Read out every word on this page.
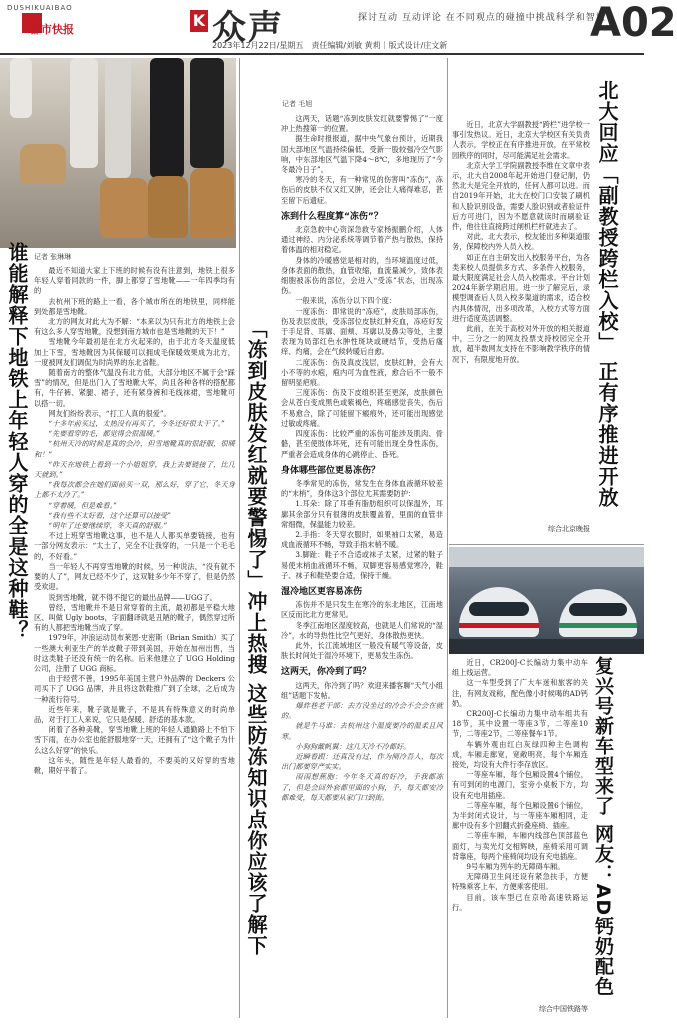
DUSHIKUAIBAO
都市快报	K 众声	探讨互动 互动评论 在不同观点的碰撞中挑战科学和智识
2023年12月22日/星期五　责任编辑/刘敏 黄莉｜版式设计/庄文新	A02
谁能解释下地铁上年轻人穿的全是这种鞋？ 记者 张琳琳

最近不知道大家上下班的时候有没有注意到，地铁上很多年轻人穿着同款的一件，脚上都穿了雪地靴——一年四季均有的

去杭州下班的路上一看，各个城市所在的地铁里，同样能到处都是雪地靴。

北方的网友对此大为不解：“本来以为只有北方的地铁上会有这么多人穿雪地靴，没想到南方城市也是雪地靴的天下！”

雪地靴今年最初是在北方火起来的，由于北方冬天温度低加上下雪，雪地靴因为其保暖可以拥成毛保暖效果成为北方，一度被网友们调侃为时尚界的东北省鞋。

随着南方的整体气温没有北方低，大部分地区不属于会“踩雪”的情况，但是出门入了雪地靴大军，尚且各种各样的搭配都有，牛仔裤、紧腿、裙子，还有紧身裤和毛线袜裙，雪地靴可以搭一切。

网友们纷纷表示，“打工人真的很爱”。

“十多年前买过，太热没有再买了，今冬还好很太干了。”

“先要看穿的毛，都觉得会很温暖。”

“杭州天冷的时候是真的会冷，但雪地靴真的很舒服，很暖和！”

“昨天在地铁上看到一个小姐姐穿，我上去要链接了，比几天就到。”

“我每次都会在她们面前买一双，那么好，穿了它，冬天身上都不太冷了。”

“穿着暖，但是难看。”

“我有些不太好看，这个还算可以接受”

“明年了还要继续穿，冬天真的舒服。”

不过上班穿雪地靴这事，也不是人人都买单要链接，也有一部分网友表示：“太土了，完全不让我穿的，一只是一个毛毛的，不好看。”

当一年轻人不再穿雪地靴的时候，另一种说法，“没有就不要的人了”，网友已经不少了，这双鞋多少年不穿了，但是仍然受欢迎。

说到雪地靴，就不得不提它的最出品牌——UGG了。

曾经，雪地靴并不是日常穿着的主流，最初都是平稳大地区、叫做 Ugly boots，字面翻译就是丑陋的靴子，偶然穿过所有的人都把雪地靴当成了穿。

1979年，冲浪运动员布莱恩·史密斯（Brian Smith）买了一些澳大利亚生产的羊皮靴子带到美国，开始在加州出售，当时这类鞋子还没有统一的名称。后来他建立了 UGG Holding 公司，注册了 UGG 商标。

由于经营不善，1995年美国主营户外品牌的 Deckers 公司买下了 UGG 品牌，并且将这款鞋推广到了全球，之后成为一种流行符号。

近些年来，靴子就是靴子，不是具有特殊意义的时尚单品，对于打工人来说，它只是保暖、舒适的基本款。

闭着了各种美靴，穿雪地靴上班的年轻人通勤路上不怕下雪下雨，在办公室也能舒服地穿一天，还拥有了“这个靴子为什么这么好穿”的快乐。

这年头，随性是年轻人最看的，不要美的又好穿的雪地靴，期好平着了。

记者 毛旭
「冻到皮肤发红就要警惕了」冲上热搜 这些防冻知识点你应该了解下

这两天，话题“冻到皮肤发红就要警惕了”一度冲上热搜第一的位置。

据生命时报报道，据中央气象台预计，近期我国大部地区气温持续偏低，受新一股较强冷空气影响，中东部地区气温下降4～8℃，多地现历了“今冬最冷日子”。

寒冷的冬天，有一种常见的伤害叫“冻伤”，冻伤后的皮肤不仅又红又肿，还会让人痛得难忍，甚至留下后遗症。

冻到什么程度算“冻伤”？

北京急救中心资深急救专家杨振鹏介绍，人体通过神经、内分泌系统等调节着产热与散热，保持着体温的相对稳定。

身体的冷暖感觉是相对的，当环境温度过低，身体表面的散热，血管收缩，血流量减少，致体表细胞被冻伤的部位，会进入“受冻”状态，出现冻伤。

一般来说，冻伤分以下四个度：

一度冻伤：即常说的“冻疮”，皮肤局部冻伤，伤及表层皮肤，受冻部位皮肤红肿充血，冻疮好发于手足背、耳廓、面颊、耳廓以及鼻尖等处，主要表现为局部红色水肿性斑块或硬结节，受热后瘙痒、灼痛，会在气候转暖后自愈。

二度冻伤：伤及真皮浅层，皮肤红肿，会有大小不等的水疱，疱内可为血性液，愈合后不一般不留明显疤痕。

三度冻伤：伤及下皮组织甚至更深，皮肤颜色会从苍白变成黑色或紫褐色，疼痛感觉丧失，伤后不易愈合，除了可能留下瘢痕外，还可能出现感觉过敏或疼痛。

四度冻伤：比较严重的冻伤可能涉及肌肉、骨骼，甚至使肢体坏死，还有可能出现全身性冻伤，严重者会造成身体的心跳停止、昏死。

身体哪些部位更易冻伤？

冬季常见的冻伤，常发生在身体血液循环较差的“末梢”，身体这3个部位尤其需要防护：

1.耳朵：除了耳垂有脂肪组织可以保温外，耳廓其余部分只有很薄的皮肤覆盖着，里面的血管非常细微，保温能力较差。

2.手指：冬天穿衣服时，如果袖口太紧，易造成血液循环不畅，导致手指末梢不暖。

3.脚趾：鞋子不合适或袜子太紧，过紧的鞋子易使末梢血液循环不畅，双脚更容易感觉寒冷，鞋子、袜子和鞋垫要合适，保持干燥。

湿冷地区更容易冻伤

冻伤并不是只发生在寒冷的东北地区，江南地区反而比北方更常见。

冬季江南地区湿度较高，也就是人们常说的“湿冷”，水的导热性比空气更好，身体散热更快。

此外，长江流域地区一般没有暖气等设备，皮肤长时间处于湿冷环境下，更易发生冻伤。

这两天，你冷到了吗？

这两天，你冷到了吗？欢迎来播客聊“天气小组组”话题下发帖。

爆炸巷老干部：去方没坐过的冷会不会会在就的。

就是牛马谁：去杭州这个温度要冷的温柔且风寒。

小狗狗戴帆翼：这几天冷不冷都好。

近瞬看跟：还真没有过，作为闸冷吾人，每次出门都要穿严实实。

雨雨想蕉胞：今年冬天真的好冷，手我都冻了，但是会回外套都里面的小狗，手，每天都安冷都难受，每天都要从家门口到街。

北大回应「副教授跨栏入校」 正有序推进开放

近日，北京大学副教授“跨栏”进学校一事引发热议。近日，北京大学校区有关负责人表示，学校正在有序推进开放，在平常校园秩序的同时，尽可能满足社会需求。

北京大学工学院副教授李维在文章中表示，北大自2008年起开始进门登记制，仍然北大是完全开放的，任何人都可以进。而自2019年开始，北大在校门口安装了刷机和人脸识别设备，需要人脸识别或者验证件后方可进门，因为不愿意就读时而刷验证件，他往往直接跨过闸机栏杆就进去了。

对此，北大表示，校友能出多种渠道服务，保障校内外人员入校。

如正在自主研发出入校服务平台，为各类来校人员提供多方式、多条件入校服务，最大限度满足社会人员入校需求。平台计划2024年新学期启用。进一步了解完后，录模型调查后人员入校多渠道的需求，适合校内具体情况，出多项改革，入校方式等方面进行适度英活调整。

此前，在关于高校对外开放的相关报道中，三分之一的网友投票支持校园完全开放，超半数网友支持在不影响教学秩序的情况下，有限度地开放。

综合北京晚报
复兴号新车型来了 网友：AD钙奶配色

近日，CR200J-C长编动力集中动车组上线运营。

这一车型受到了广大车迷和旅客的关注，有网友戏称，配色像小时候喝的AD钙奶。

CR200J-C长编动力集中动车组共有18节，其中设置一等座3节，二等座10节，二等座2节，二等座餐车1节。

车辆外观由红白灰绿四种主色调构成，车厢走廊宽，宽敞明亮，每个车厢连接处，均设有大件行李存放区。

一等座车厢，每个包厢设置4个铺位，有可到闭的电源门，室旁小桌板下方，均设有充电用插座。

二等座车厢，每个包厢设置6个铺位，为半封闭式设计，与一等座车厢相同，走廊中设有多个回翻式折叠座椅、插座。

二等座车厢，车厢内线部色顶部蓝色面灯，与卖光灯交相辉映，座椅采用可调背靠座，每两个座椅间均设有充电插座。

9号车厢为列车的无障碍车厢。

无障碍卫生间还设有紧急扶手，方便特殊乘客上车，方便乘客使用。

目前，该车型已在京哈高速铁路运行。

综合中国铁路等
